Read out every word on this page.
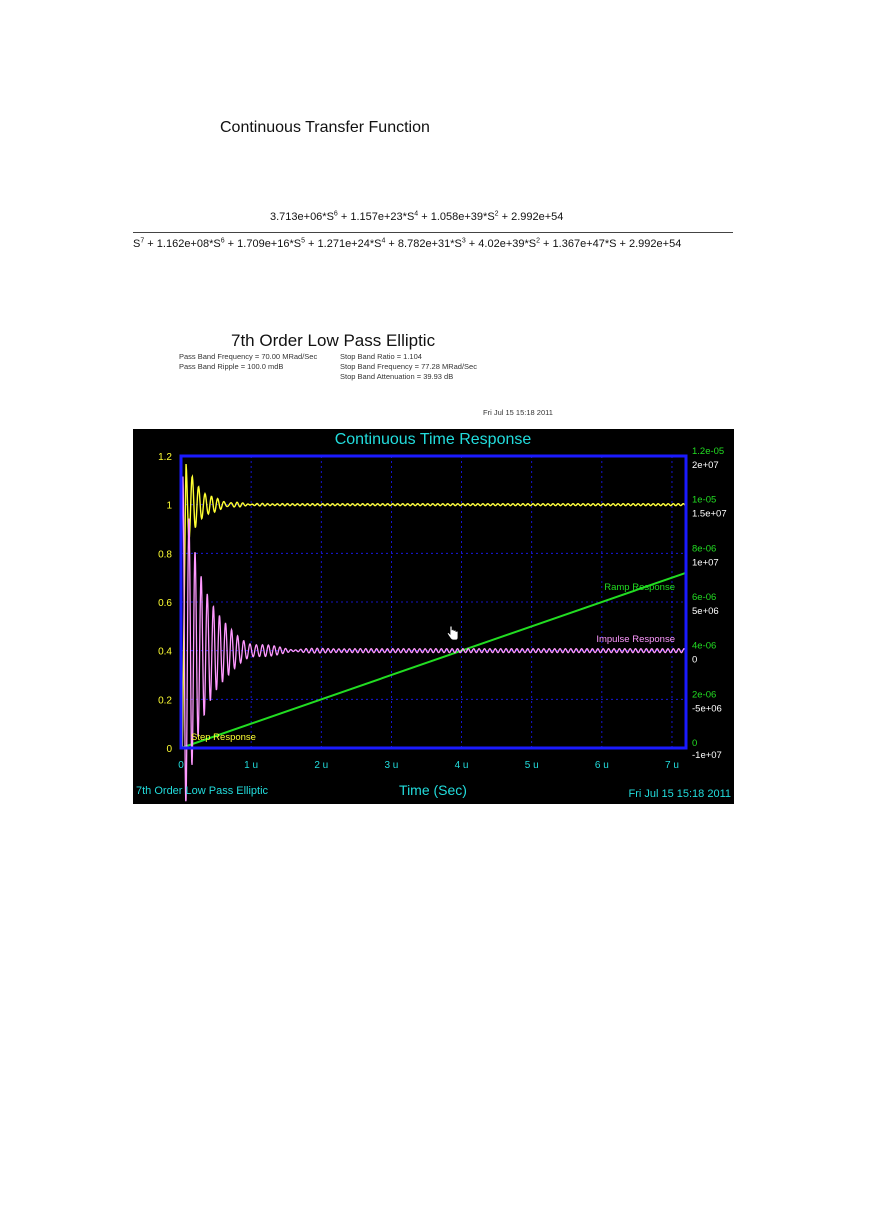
Continuous Transfer Function
$3.713e+06*S^6 + 1.157e+23*S^4 + 1.058e+39*S^2 + 2.992e+54$
$S^7 + 1.162e+08*S^6 + 1.709e+16*S^5 + 1.271e+24*S^4 + 8.782e+31*S^3 + 4.02e+39*S^2 + 1.367e+47*S + 2.992e+54$
7th Order Low Pass Elliptic
Pass Band Frequency = 70.00 MRad/Sec
Pass Band Ripple = 100.0 mdB
Stop Band Ratio = 1.104
Stop Band Frequency = 77.28 MRad/Sec
Stop Band Attenuation = 39.93 dB
Fri Jul 15 15:18 2011
Continuous Time Response
0	1 u	2 u	3 u	4 u	5 u	6 u	7 u
0
0.2
0.4
0.6
0.8
1
1.2
0
2e-06
4e-06
6e-06
8e-06
1e-05
1.2e-05
-1e+07
-5e+06
0
5e+06
1e+07
1.5e+07
2e+07
Step Response
Impulse Response
Ramp Response
Time (Sec)
7th Order Low Pass Elliptic	Fri Jul 15 15:18 2011
